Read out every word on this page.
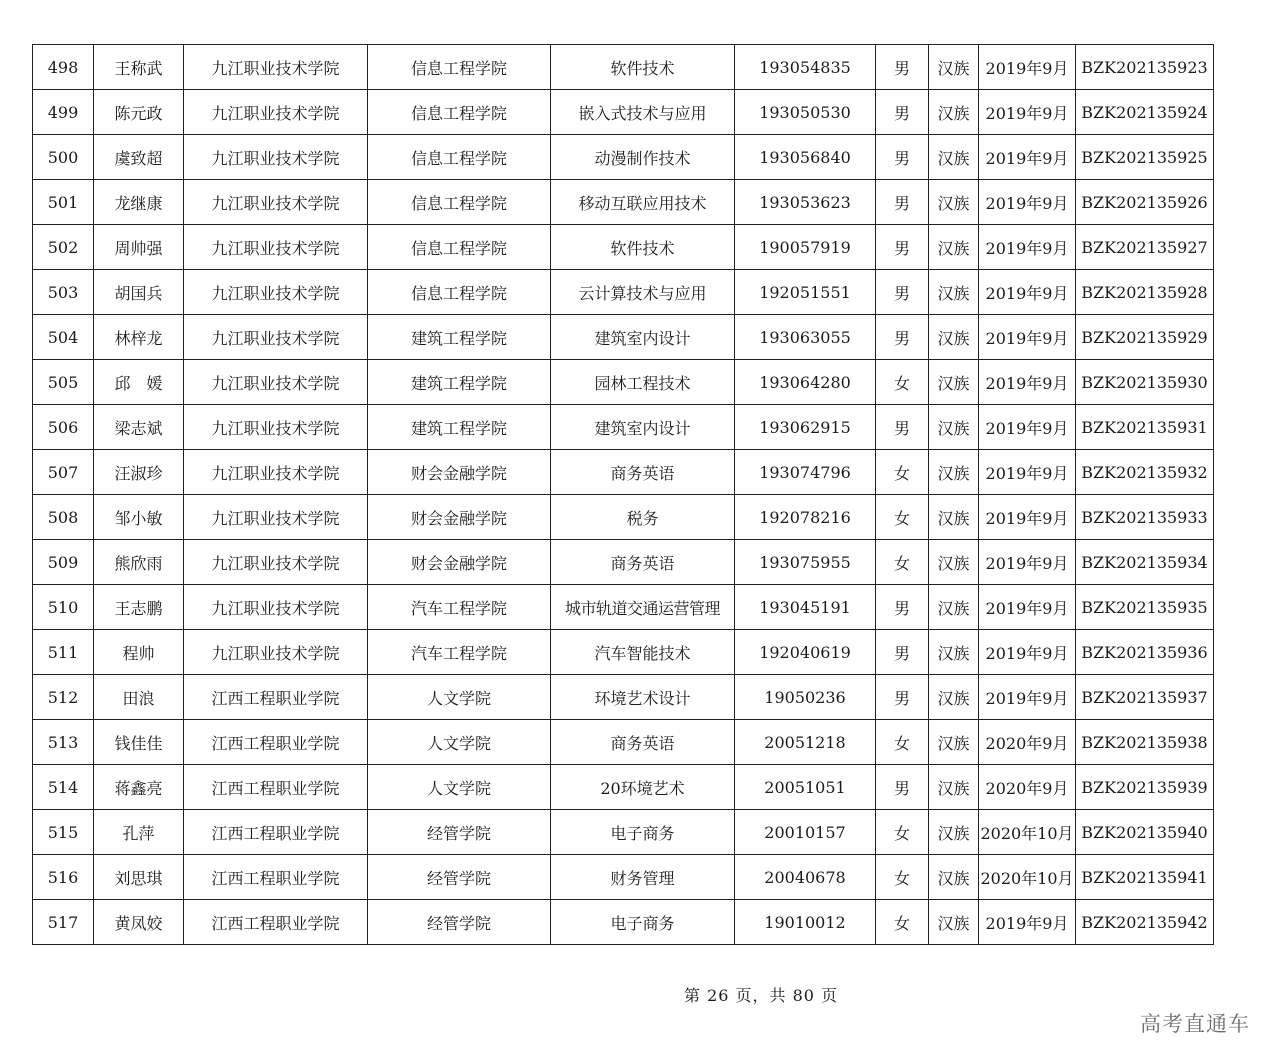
498	王称武	九江职业技术学院	信息工程学院	软件技术	193054835	男	汉族	2019年9月	BZK202135923
499	陈元政	九江职业技术学院	信息工程学院	嵌入式技术与应用	193050530	男	汉族	2019年9月	BZK202135924
500	虞致超	九江职业技术学院	信息工程学院	动漫制作技术	193056840	男	汉族	2019年9月	BZK202135925
501	龙继康	九江职业技术学院	信息工程学院	移动互联应用技术	193053623	男	汉族	2019年9月	BZK202135926
502	周帅强	九江职业技术学院	信息工程学院	软件技术	190057919	男	汉族	2019年9月	BZK202135927
503	胡国兵	九江职业技术学院	信息工程学院	云计算技术与应用	192051551	男	汉族	2019年9月	BZK202135928
504	林梓龙	九江职业技术学院	建筑工程学院	建筑室内设计	193063055	男	汉族	2019年9月	BZK202135929
505	邱　媛	九江职业技术学院	建筑工程学院	园林工程技术	193064280	女	汉族	2019年9月	BZK202135930
506	梁志斌	九江职业技术学院	建筑工程学院	建筑室内设计	193062915	男	汉族	2019年9月	BZK202135931
507	汪淑珍	九江职业技术学院	财会金融学院	商务英语	193074796	女	汉族	2019年9月	BZK202135932
508	邹小敏	九江职业技术学院	财会金融学院	税务	192078216	女	汉族	2019年9月	BZK202135933
509	熊欣雨	九江职业技术学院	财会金融学院	商务英语	193075955	女	汉族	2019年9月	BZK202135934
510	王志鹏	九江职业技术学院	汽车工程学院	城市轨道交通运营管理	193045191	男	汉族	2019年9月	BZK202135935
511	程帅	九江职业技术学院	汽车工程学院	汽车智能技术	192040619	男	汉族	2019年9月	BZK202135936
512	田浪	江西工程职业学院	人文学院	环境艺术设计	19050236	男	汉族	2019年9月	BZK202135937
513	钱佳佳	江西工程职业学院	人文学院	商务英语	20051218	女	汉族	2020年9月	BZK202135938
514	蒋鑫亮	江西工程职业学院	人文学院	20环境艺术	20051051	男	汉族	2020年9月	BZK202135939
515	孔萍	江西工程职业学院	经管学院	电子商务	20010157	女	汉族	2020年10月	BZK202135940
516	刘思琪	江西工程职业学院	经管学院	财务管理	20040678	女	汉族	2020年10月	BZK202135941
517	黄凤姣	江西工程职业学院	经管学院	电子商务	19010012	女	汉族	2019年9月	BZK202135942
第 26 页，共 80 页
高考直通车
